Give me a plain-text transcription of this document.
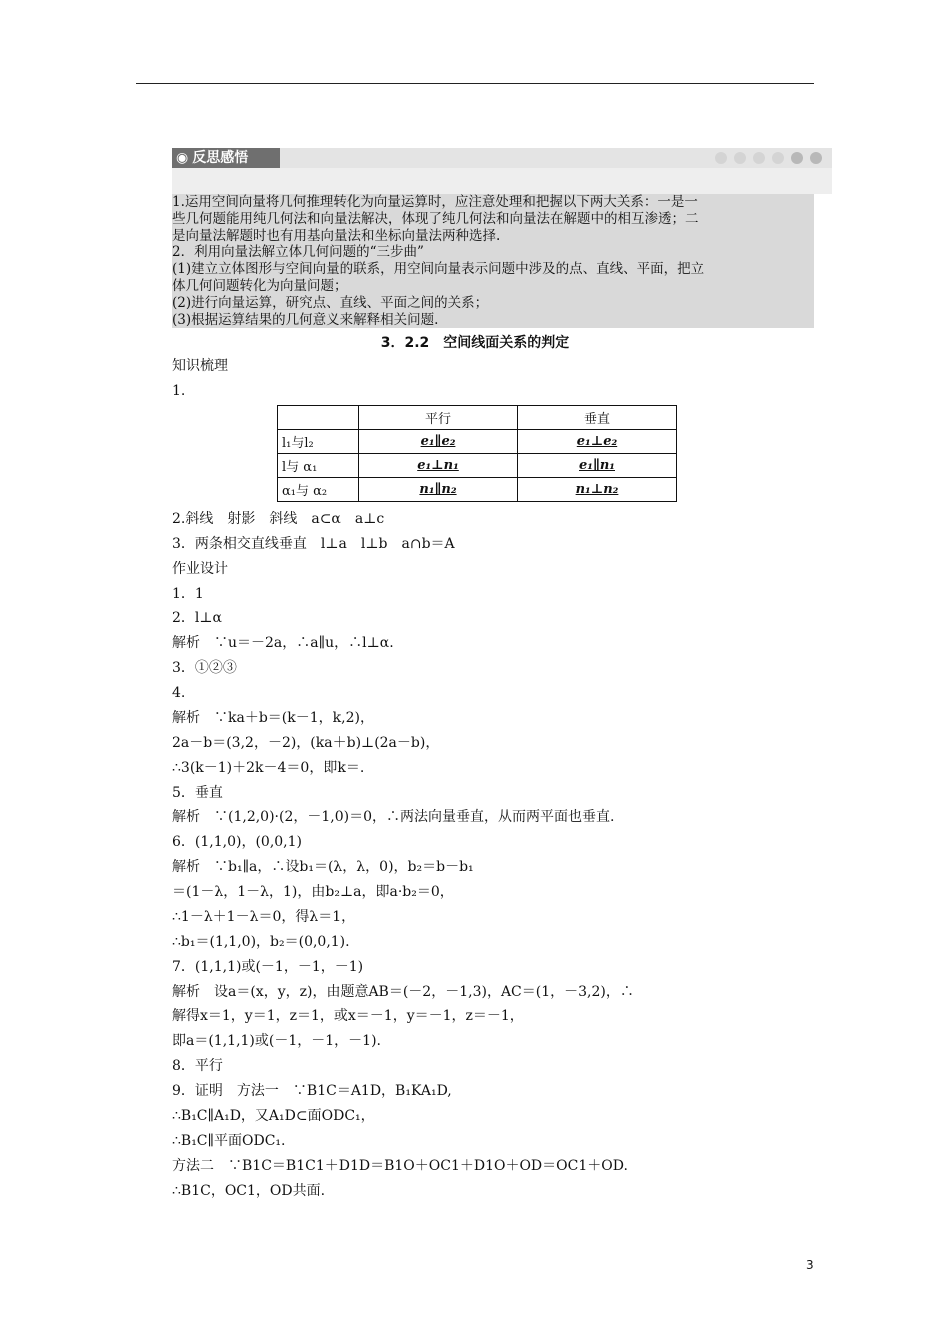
◉ 反思感悟
1.运用空间向量将几何推理转化为向量运算时，应注意处理和把握以下两大关系：一是一
些几何题能用纯几何法和向量法解决，体现了纯几何法和向量法在解题中的相互渗透；二
是向量法解题时也有用基向量法和坐标向量法两种选择.
2．利用向量法解立体几何问题的“三步曲”
(1)建立立体图形与空间向量的联系，用空间向量表示问题中涉及的点、直线、平面，把立
体几何问题转化为向量问题；
(2)进行向量运算，研究点、直线、平面之间的关系；
(3)根据运算结果的几何意义来解释相关问题.
3．2.2　空间线面关系的判定
知识梳理
1.
	平行	垂直
l₁与l₂	e₁∥e₂	e₁⊥e₂
l与 α₁	e₁⊥n₁	e₁∥n₁
α₁与 α₂	n₁∥n₂	n₁⊥n₂
2.斜线　射影　斜线　a⊂α　a⊥c
3．两条相交直线垂直　l⊥a　l⊥b　a∩b＝A
作业设计
1．1
2．l⊥α
解析　∵u＝－2a，∴a∥u，∴l⊥α.
3．①②③
4.
解析　∵ka＋b＝(k－1，k,2)，
2a－b＝(3,2，－2)，(ka＋b)⊥(2a－b)，
∴3(k－1)＋2k－4＝0，即k＝.
5．垂直
解析　∵(1,2,0)·(2，－1,0)＝0，∴两法向量垂直，从而两平面也垂直.
6．(1,1,0)，(0,0,1)
解析　∵b₁∥a，∴设b₁＝(λ，λ，0)，b₂＝b－b₁
＝(1－λ，1－λ，1)，由b₂⊥a，即a·b₂＝0，
∴1－λ＋1－λ＝0，得λ＝1，
∴b₁＝(1,1,0)，b₂＝(0,0,1).
7．(1,1,1)或(－1，－1，－1)
解析　设a＝(x，y，z)，由题意AB＝(－2，－1,3)，AC＝(1，－3,2)，∴
解得x＝1，y＝1，z＝1，或x＝－1，y＝－1，z＝－1，
即a＝(1,1,1)或(－1，－1，－1).
8．平行
9．证明　方法一　∵B1C＝A1D，B₁KA₁D,
∴B₁C∥A₁D，又A₁D⊂面ODC₁，
∴B₁C∥平面ODC₁.
方法二　∵B1C＝B1C1＋D1D＝B1O＋OC1＋D1O＋OD＝OC1＋OD.
∴B1C，OC1，OD共面.
3
